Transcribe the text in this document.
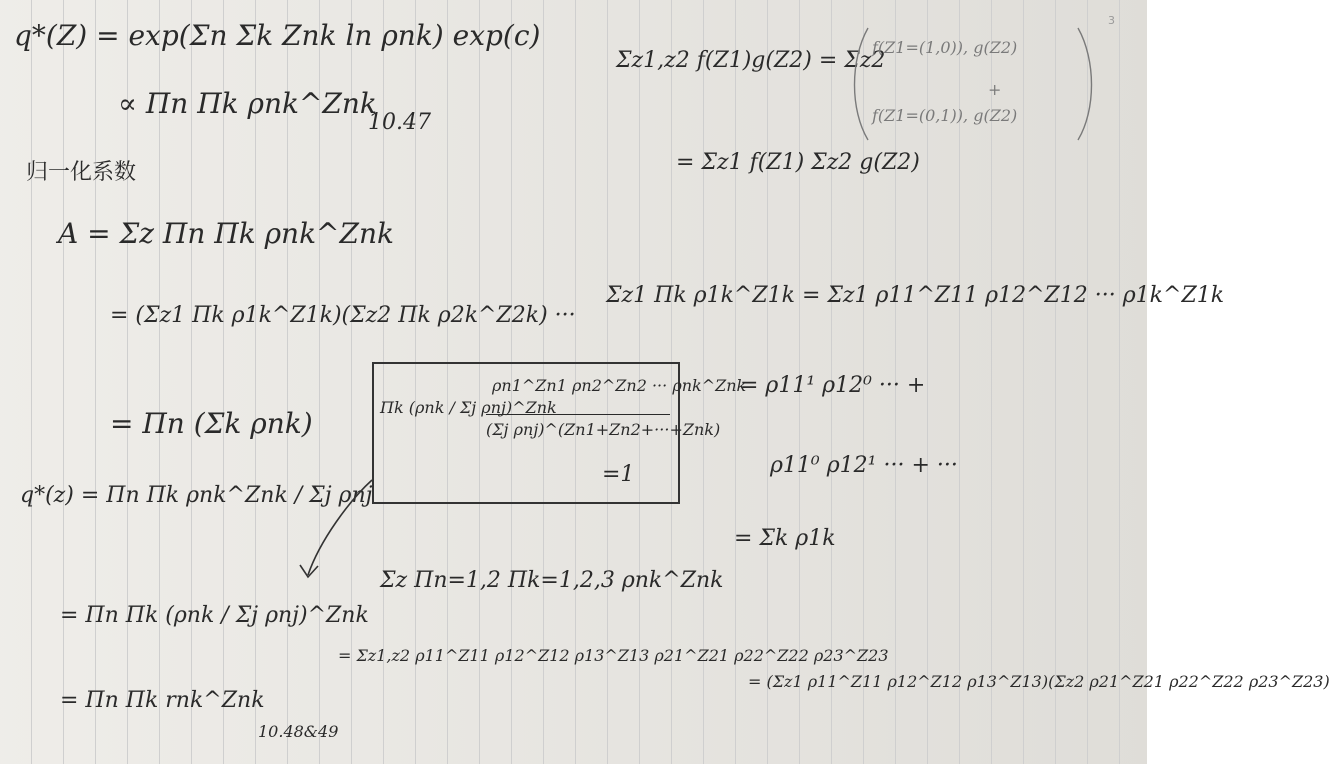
3
q*(Z) = exp(Σn Σk Znk ln ρnk) exp(c)
∝ Πn Πk ρnk^Znk
10.47
归一化系数
A = Σz Πn Πk ρnk^Znk
= (Σz1 Πk ρ1k^Z1k)(Σz2 Πk ρ2k^Z2k) ···
= Πn (Σk ρnk)
q*(z) = Πn Πk ρnk^Znk / Σj ρnj
= Πn Πk (ρnk / Σj ρnj)^Znk
= Πn Πk rnk^Znk
10.48&49
Πk (ρnk / Σj ρnj)^Znk
ρn1^Zn1 ρn2^Zn2 ··· ρnk^Znk
(Σj ρnj)^(Zn1+Zn2+···+Znk)
=1
Σz1,z2 f(Z1)g(Z2) = Σz2
f(Z1=(1,0)), g(Z2)
+
f(Z1=(0,1)), g(Z2)
= Σz1 f(Z1) Σz2 g(Z2)
Σz1 Πk ρ1k^Z1k = Σz1 ρ11^Z11 ρ12^Z12 ··· ρ1k^Z1k
= ρ11¹ ρ12⁰ ··· +
ρ11⁰ ρ12¹ ··· + ···
= Σk ρ1k
Σz Πn=1,2 Πk=1,2,3 ρnk^Znk
= Σz1,z2 ρ11^Z11 ρ12^Z12 ρ13^Z13 ρ21^Z21 ρ22^Z22 ρ23^Z23
= (Σz1 ρ11^Z11 ρ12^Z12 ρ13^Z13)(Σz2 ρ21^Z21 ρ22^Z22 ρ23^Z23)
